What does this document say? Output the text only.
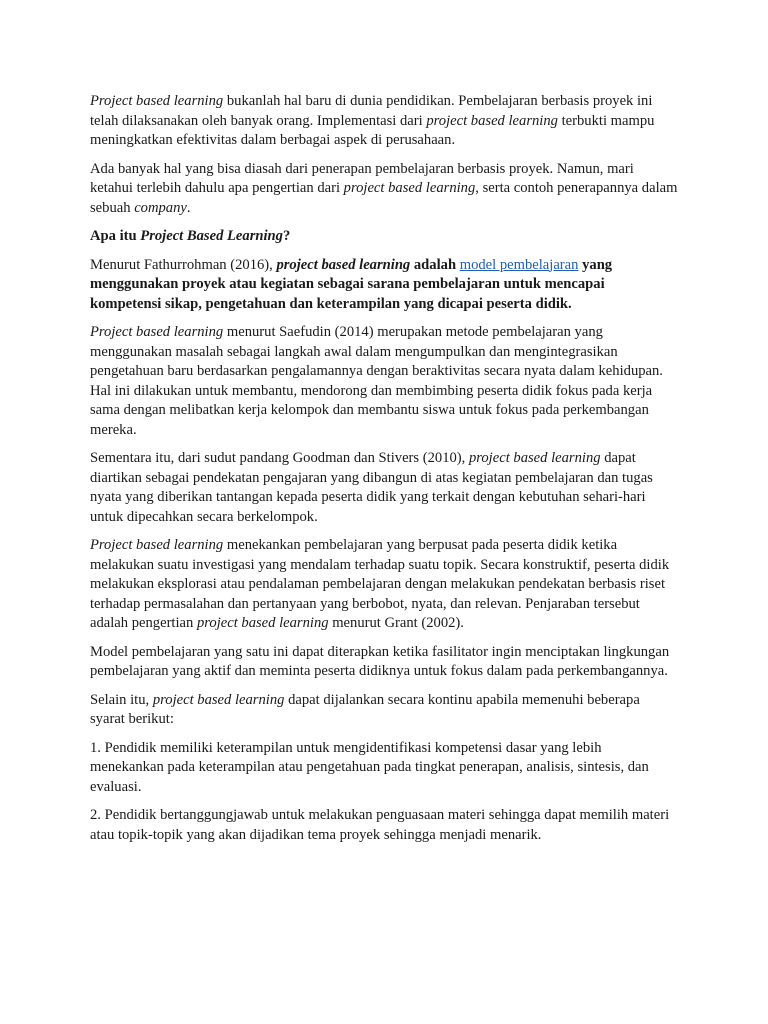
Project based learning bukanlah hal baru di dunia pendidikan. Pembelajaran berbasis proyek ini telah dilaksanakan oleh banyak orang. Implementasi dari project based learning terbukti mampu meningkatkan efektivitas dalam berbagai aspek di perusahaan.

Ada banyak hal yang bisa diasah dari penerapan pembelajaran berbasis proyek. Namun, mari ketahui terlebih dahulu apa pengertian dari project based learning, serta contoh penerapannya dalam sebuah company.

Apa itu Project Based Learning?

Menurut Fathurrohman (2016), project based learning adalah model pembelajaran yang menggunakan proyek atau kegiatan sebagai sarana pembelajaran untuk mencapai kompetensi sikap, pengetahuan dan keterampilan yang dicapai peserta didik.

Project based learning menurut Saefudin (2014) merupakan metode pembelajaran yang menggunakan masalah sebagai langkah awal dalam mengumpulkan dan mengintegrasikan pengetahuan baru berdasarkan pengalamannya dengan beraktivitas secara nyata dalam kehidupan. Hal ini dilakukan untuk membantu, mendorong dan membimbing peserta didik fokus pada kerja sama dengan melibatkan kerja kelompok dan membantu siswa untuk fokus pada perkembangan mereka.

Sementara itu, dari sudut pandang Goodman dan Stivers (2010), project based learning dapat diartikan sebagai pendekatan pengajaran yang dibangun di atas kegiatan pembelajaran dan tugas nyata yang diberikan tantangan kepada peserta didik yang terkait dengan kebutuhan sehari-hari untuk dipecahkan secara berkelompok.

Project based learning menekankan pembelajaran yang berpusat pada peserta didik ketika melakukan suatu investigasi yang mendalam terhadap suatu topik. Secara konstruktif, peserta didik melakukan eksplorasi atau pendalaman pembelajaran dengan melakukan pendekatan berbasis riset terhadap permasalahan dan pertanyaan yang berbobot, nyata, dan relevan. Penjaraban tersebut adalah pengertian project based learning menurut Grant (2002).

Model pembelajaran yang satu ini dapat diterapkan ketika fasilitator ingin menciptakan lingkungan pembelajaran yang aktif dan meminta peserta didiknya untuk fokus dalam pada perkembangannya.

Selain itu, project based learning dapat dijalankan secara kontinu apabila memenuhi beberapa syarat berikut:

1. Pendidik memiliki keterampilan untuk mengidentifikasi kompetensi dasar yang lebih menekankan pada keterampilan atau pengetahuan pada tingkat penerapan, analisis, sintesis, dan evaluasi.

2. Pendidik bertanggungjawab untuk melakukan penguasaan materi sehingga dapat memilih materi atau topik-topik yang akan dijadikan tema proyek sehingga menjadi menarik.
